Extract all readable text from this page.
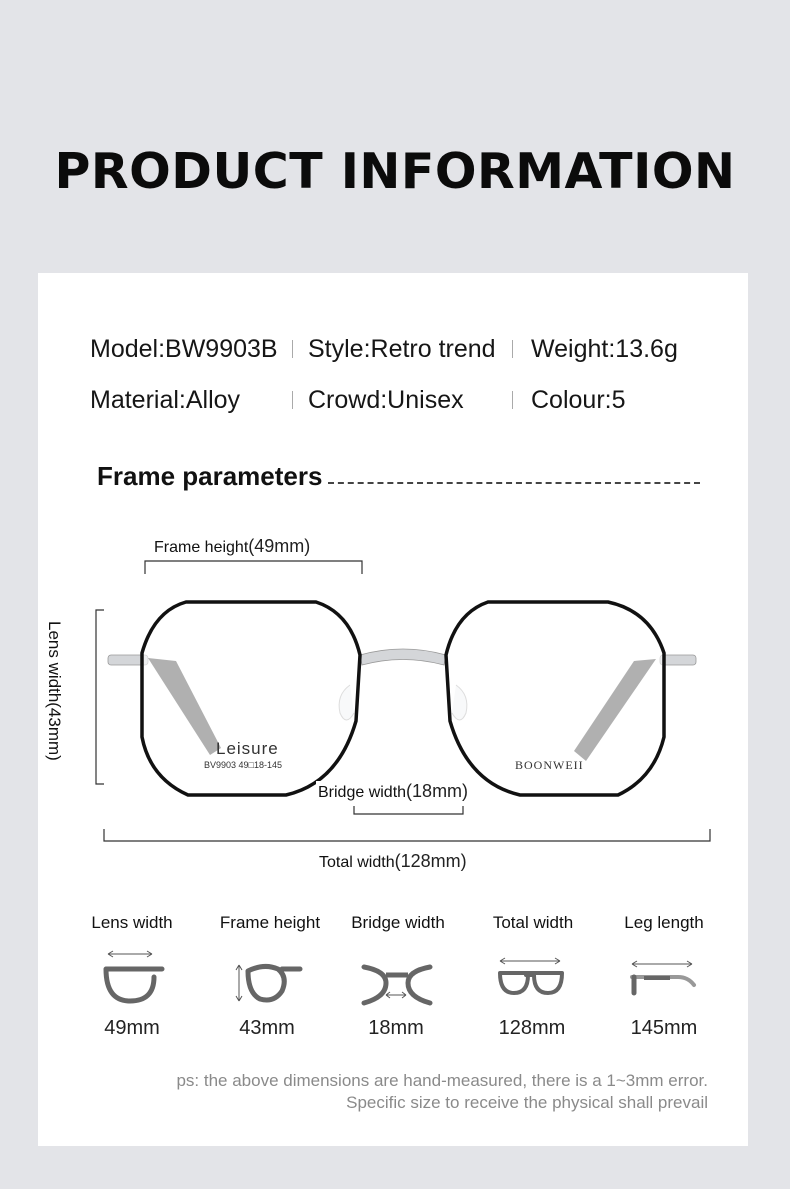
PRODUCT INFORMATION
Model:BW9903B Style:Retro trend Weight:13.6g
Material:Alloy	Crowd:Unisex	Colour:5
Frame parameters
Frame height(49mm)
Lens width(43mm)	Leisure
BV9903 49□18-145	BOONWEII
Bridge width(18mm)
Total width(128mm)
Lens width	Frame height	Bridge width	Total width	Leg length
49mm	43mm	18mm	128mm	145mm
ps: the above dimensions are hand-measured, there is a 1~3mm error.
Specific size to receive the physical shall prevail
